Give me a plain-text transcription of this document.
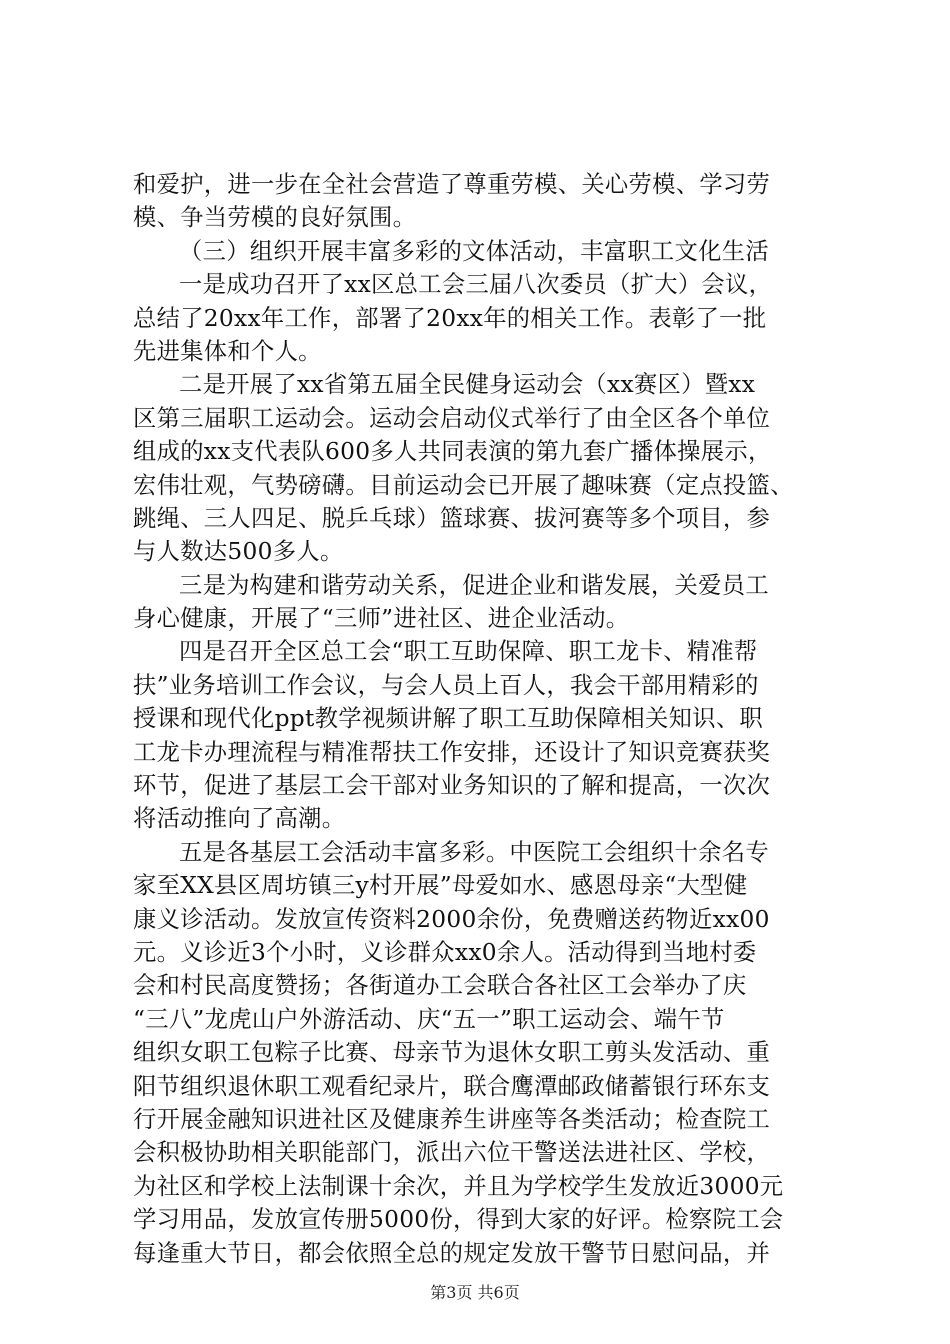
和爱护，进一步在全社会营造了尊重劳模、关心劳模、学习劳
模、争当劳模的良好氛围。
（三）组织开展丰富多彩的文体活动，丰富职工文化生活
一是成功召开了xx区总工会三届八次委员（扩大）会议，
总结了20xx年工作，部署了20xx年的相关工作。表彰了一批
先进集体和个人。
二是开展了xx省第五届全民健身运动会（xx赛区）暨xx
区第三届职工运动会。运动会启动仪式举行了由全区各个单位
组成的xx支代表队600多人共同表演的第九套广播体操展示，
宏伟壮观，气势磅礴。目前运动会已开展了趣味赛（定点投篮、
跳绳、三人四足、脱乒乓球）篮球赛、拔河赛等多个项目，参
与人数达500多人。
三是为构建和谐劳动关系，促进企业和谐发展，关爱员工
身心健康，开展了“三师”进社区、进企业活动。
四是召开全区总工会“职工互助保障、职工龙卡、精准帮
扶”业务培训工作会议，与会人员上百人，我会干部用精彩的
授课和现代化ppt教学视频讲解了职工互助保障相关知识、职
工龙卡办理流程与精准帮扶工作安排，还设计了知识竞赛获奖
环节，促进了基层工会干部对业务知识的了解和提高，一次次
将活动推向了高潮。
五是各基层工会活动丰富多彩。中医院工会组织十余名专
家至XX县区周坊镇三y村开展”母爱如水、感恩母亲“大型健
康义诊活动。发放宣传资料2000余份，免费赠送药物近xx00
元。义诊近3个小时，义诊群众xx0余人。活动得到当地村委
会和村民高度赞扬；各街道办工会联合各社区工会举办了庆
“三八”龙虎山户外游活动、庆“五一”职工运动会、端午节
组织女职工包粽子比赛、母亲节为退休女职工剪头发活动、重
阳节组织退休职工观看纪录片，联合鹰潭邮政储蓄银行环东支
行开展金融知识进社区及健康养生讲座等各类活动；检查院工
会积极协助相关职能部门，派出六位干警送法进社区、学校，
为社区和学校上法制课十余次，并且为学校学生发放近3000元
学习用品，发放宣传册5000份，得到大家的好评。检察院工会
每逢重大节日，都会依照全总的规定发放干警节日慰问品，并
第3页 共6页
